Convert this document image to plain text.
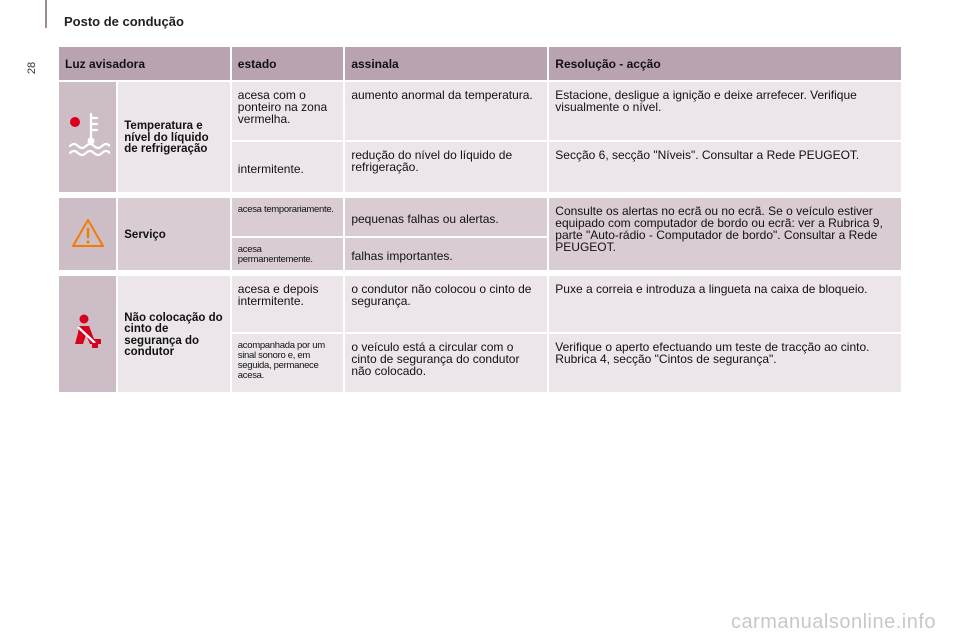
28
Posto de condução
Luz avisadora		estado	assinala	Resolução - acção
	Temperatura e nível do líquido de refrigeração	acesa com o ponteiro na zona vermelha.	aumento anormal da temperatura.	Estacione, desligue a ignição e deixe arrefecer. Verifique visualmente o nível.
		intermitente.	redução do nível do líquido de refrigeração.	Secção 6, secção "Níveis". Consultar a Rede PEUGEOT.

	Serviço	acesa temporariamente.	pequenas falhas ou alertas.	Consulte os alertas no ecrã ou no ecrã. Se o veículo estiver equipado com computador de bordo ou ecrã: ver a Rubrica 9, parte "Auto-rádio - Computador de bordo". Consultar a Rede PEUGEOT.
		acesa permanentemente.	falhas importantes.	

	Não colocação do cinto de segurança do condutor	acesa e depois intermitente.	o condutor não colocou o cinto de segurança.	Puxe a correia e introduza a lingueta na caixa de bloqueio.
		acompanhada por um sinal sonoro e, em seguida, permanece acesa.	o veículo está a circular com o cinto de segurança do condutor não colocado.	Verifique o aperto efectuando um teste de tracção ao cinto. Rubrica 4, secção "Cintos de segurança".
carmanualsonline.info
